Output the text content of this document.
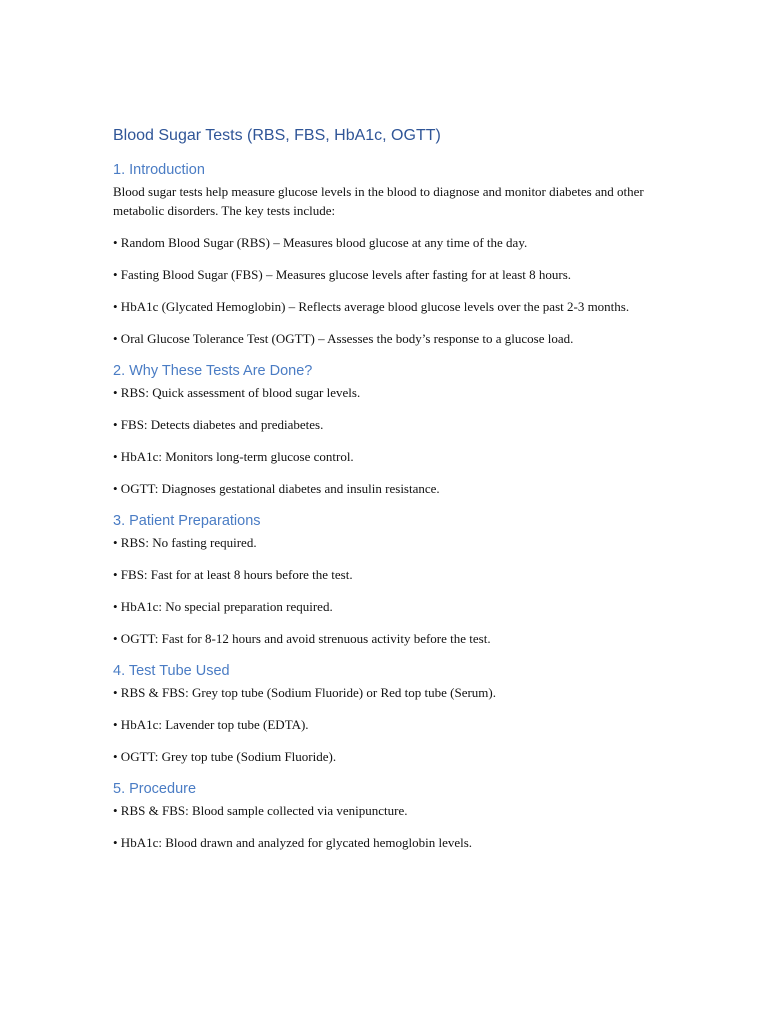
Blood Sugar Tests (RBS, FBS, HbA1c, OGTT)
1. Introduction

Blood sugar tests help measure glucose levels in the blood to diagnose and monitor diabetes and other metabolic disorders. The key tests include:

• Random Blood Sugar (RBS) – Measures blood glucose at any time of the day.

• Fasting Blood Sugar (FBS) – Measures glucose levels after fasting for at least 8 hours.

• HbA1c (Glycated Hemoglobin) – Reflects average blood glucose levels over the past 2-3 months.

• Oral Glucose Tolerance Test (OGTT) – Assesses the body’s response to a glucose load.

2. Why These Tests Are Done?

• RBS: Quick assessment of blood sugar levels.

• FBS: Detects diabetes and prediabetes.

• HbA1c: Monitors long-term glucose control.

• OGTT: Diagnoses gestational diabetes and insulin resistance.

3. Patient Preparations

• RBS: No fasting required.

• FBS: Fast for at least 8 hours before the test.

• HbA1c: No special preparation required.

• OGTT: Fast for 8-12 hours and avoid strenuous activity before the test.

4. Test Tube Used

• RBS & FBS: Grey top tube (Sodium Fluoride) or Red top tube (Serum).

• HbA1c: Lavender top tube (EDTA).

• OGTT: Grey top tube (Sodium Fluoride).

5. Procedure

• RBS & FBS: Blood sample collected via venipuncture.

• HbA1c: Blood drawn and analyzed for glycated hemoglobin levels.
